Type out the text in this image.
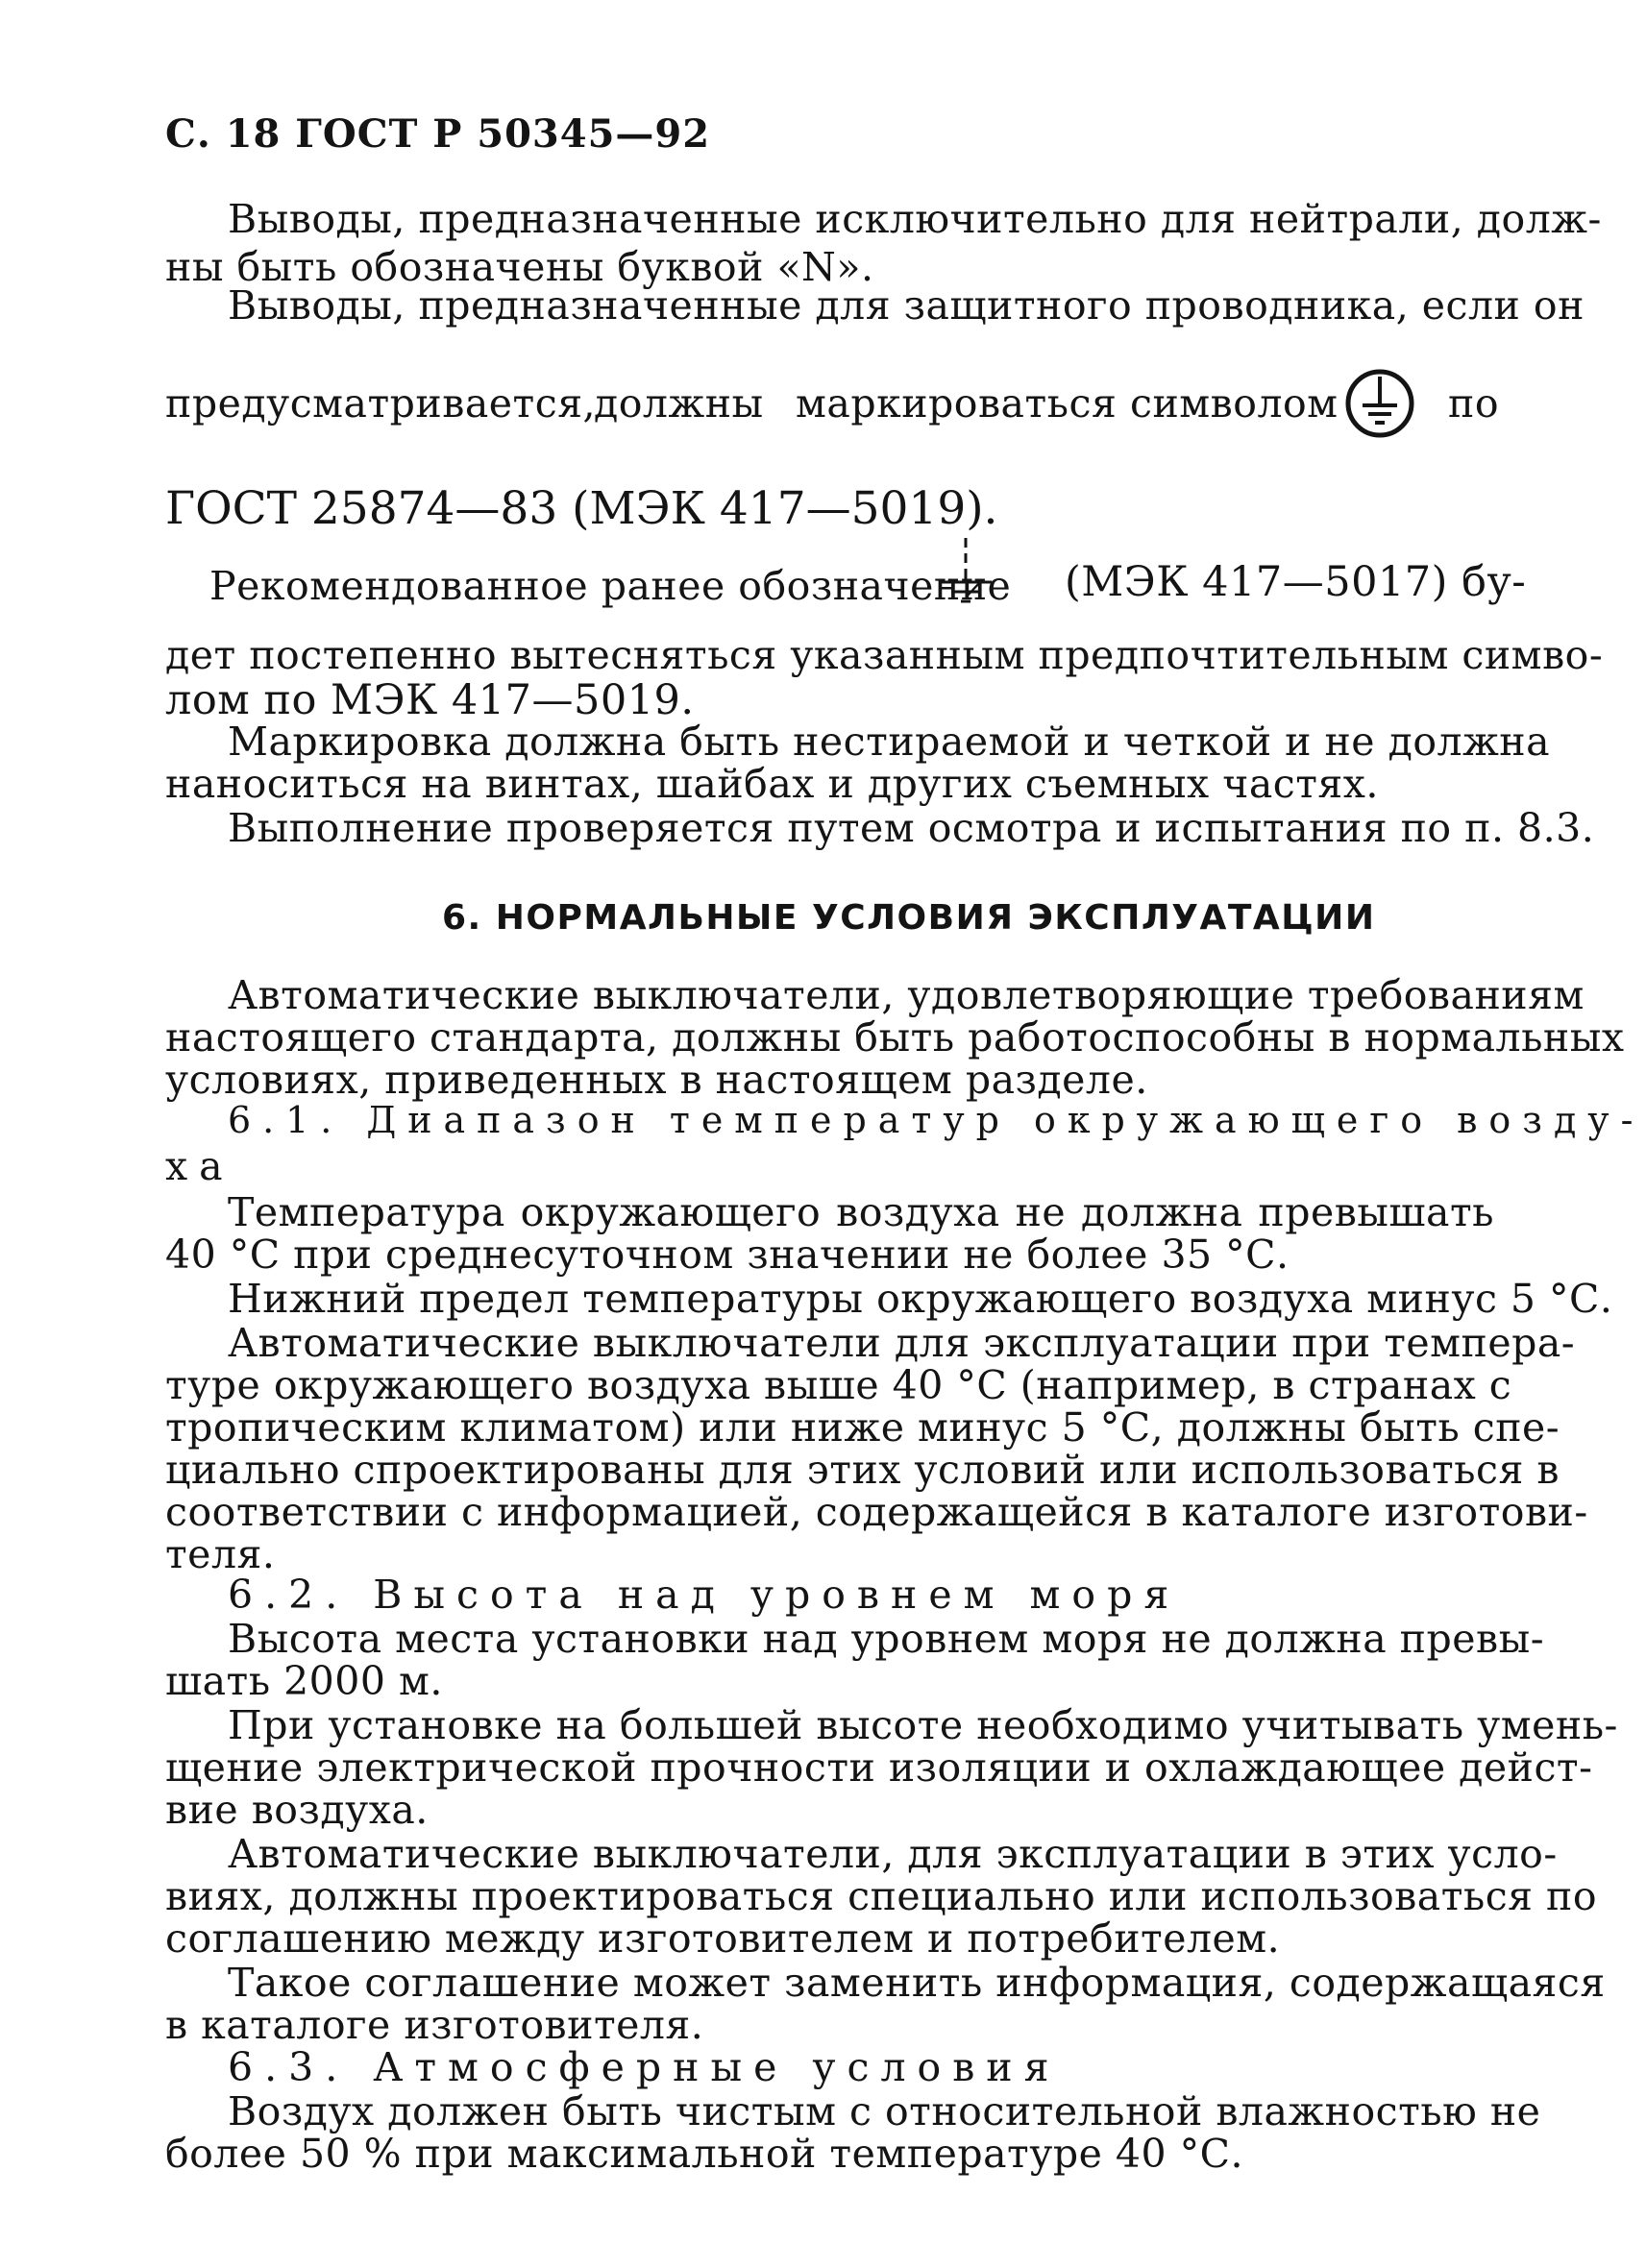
С. 18 ГОСТ Р 50345—92
Выводы, предназначенные исключительно для нейтрали, долж-
ны быть обозначены буквой «N».
Выводы, предназначенные для защитного проводника, если он
предусматривается,
должны маркироваться символом	по
ГОСТ 25874—83 (МЭК 417—5019).
Рекомендованное ранее обозначение (МЭК 417—5017) бу-
дет постепенно вытесняться указанным предпочтительным симво-
лом по МЭК 417—5019.
Маркировка должна быть нестираемой и четкой и не должна
наноситься на винтах, шайбах и других съемных частях.
Выполнение проверяется путем осмотра и испытания по п. 8.3.
6. НОРМАЛЬНЫЕ УСЛОВИЯ ЭКСПЛУАТАЦИИ
Автоматические выключатели, удовлетворяющие требованиям
настоящего стандарта, должны быть работоспособны в нормальных
условиях, приведенных в настоящем разделе.
6.1. Диапазон температур окружающего возду-
ха
Температура окружающего воздуха не должна превышать
40 °С при среднесуточном значении не более 35 °С.
Нижний предел температуры окружающего воздуха минус 5 °С.
Автоматические выключатели для эксплуатации при темпера-
туре окружающего воздуха выше 40 °С (например, в странах с
тропическим климатом) или ниже минус 5 °С, должны быть спе-
циально спроектированы для этих условий или использоваться в
соответствии с информацией, содержащейся в каталоге изготови-
теля.
6.2. Высота над уровнем моря
Высота места установки над уровнем моря не должна превы-
шать 2000 м.
При установке на большей высоте необходимо учитывать умень-
щение электрической прочности изоляции и охлаждающее дейст-
вие воздуха.
Автоматические выключатели, для эксплуатации в этих усло-
виях, должны проектироваться специально или использоваться по
соглашению между изготовителем и потребителем.
Такое соглашение может заменить информация, содержащаяся
в каталоге изготовителя.
6.3. Атмосферные условия
Воздух должен быть чистым с относительной влажностью не
более 50 % при максимальной температуре 40 °С.
